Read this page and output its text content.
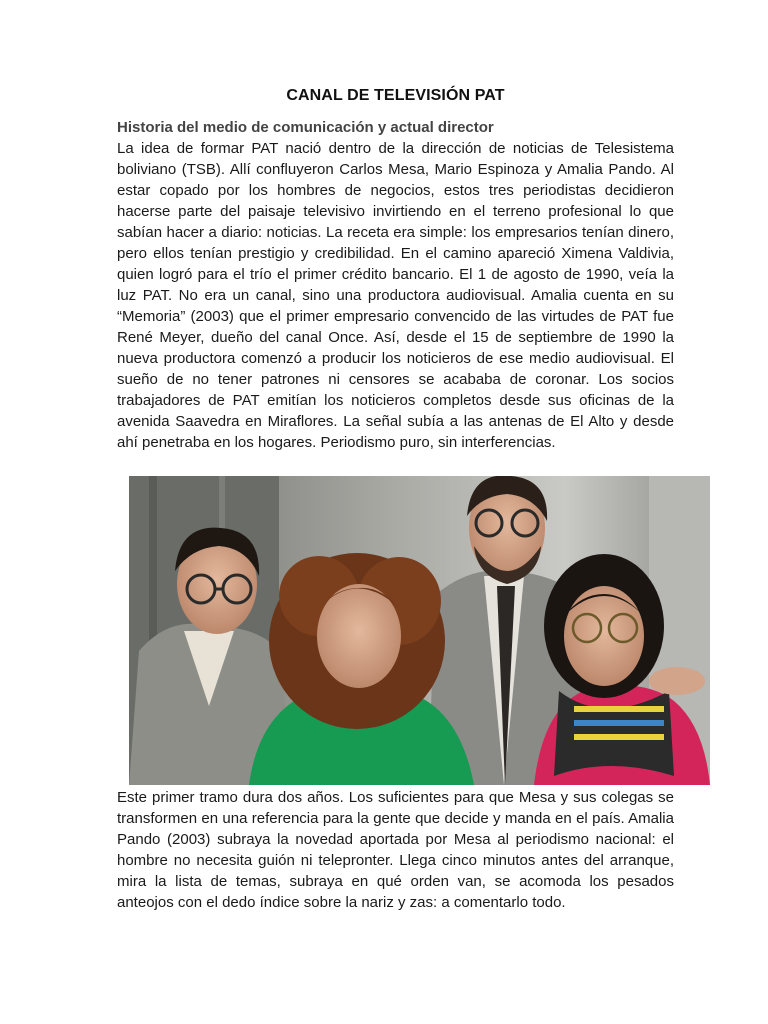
CANAL DE TELEVISIÓN PAT
Historia del medio de comunicación y actual director

La idea de formar PAT nació dentro de la dirección de noticias de Telesistema boliviano (TSB). Allí confluyeron Carlos Mesa, Mario Espinoza y Amalia Pando. Al estar copado por los hombres de negocios, estos tres periodistas decidieron hacerse parte del paisaje televisivo invirtiendo en el terreno profesional lo que sabían hacer a diario: noticias. La receta era simple: los empresarios tenían dinero, pero ellos tenían prestigio y credibilidad. En el camino apareció Ximena Valdivia, quien logró para el trío el primer crédito bancario. El 1 de agosto de 1990, veía la luz PAT. No era un canal, sino una productora audiovisual. Amalia cuenta en su “Memoria” (2003) que el primer empresario convencido de las virtudes de PAT fue René Meyer, dueño del canal Once. Así, desde el 15 de septiembre de 1990 la nueva productora comenzó a producir los noticieros de ese medio audiovisual. El sueño de no tener patrones ni censores se acababa de coronar. Los socios trabajadores de PAT emitían los noticieros completos desde sus oficinas de la avenida Saavedra en Miraflores. La señal subía a las antenas de El Alto y desde ahí penetraba en los hogares. Periodismo puro, sin interferencias.

Este primer tramo dura dos años. Los suficientes para que Mesa y sus colegas se transformen en una referencia para la gente que decide y manda en el país. Amalia Pando (2003) subraya la novedad aportada por Mesa al periodismo nacional: el hombre no necesita guión ni telepronter. Llega cinco minutos antes del arranque, mira la lista de temas, subraya en qué orden van, se acomoda los pesados anteojos con el dedo índice sobre la nariz y zas: a comentarlo todo.
